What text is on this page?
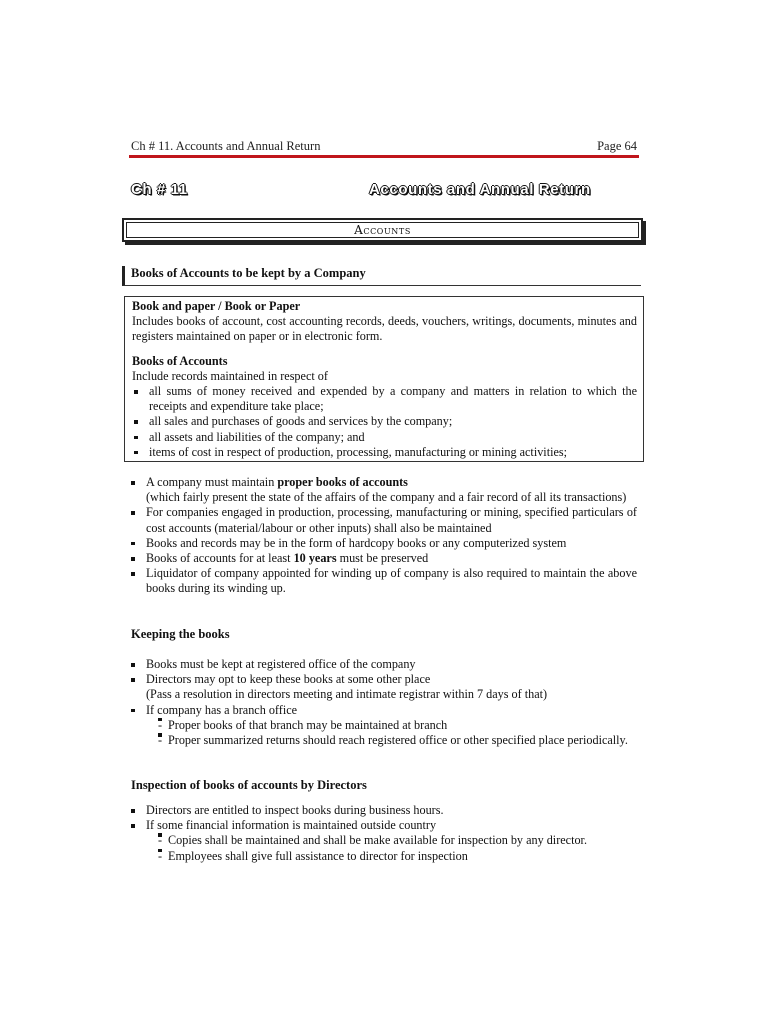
Ch # 11. Accounts and Annual Return	Page 64
Ch # 11	Accounts and Annual Return
Accounts
Books of Accounts to be kept by a Company
Book and paper / Book or Paper
Includes books of account, cost accounting records, deeds, vouchers, writings, documents, minutes and registers maintained on paper or in electronic form.
Books of Accounts
Include records maintained in respect of
all sums of money received and expended by a company and matters in relation to which the receipts and expenditure take place;
all sales and purchases of goods and services by the company;
all assets and liabilities of the company; and
items of cost in respect of production, processing, manufacturing or mining activities;
A company must maintain proper books of accounts
(which fairly present the state of the affairs of the company and a fair record of all its transactions)
For companies engaged in production, processing, manufacturing or mining, specified particulars of cost accounts (material/labour or other inputs) shall also be maintained
Books and records may be in the form of hardcopy books or any computerized system
Books of accounts for at least 10 years must be preserved
Liquidator of company appointed for winding up of company is also required to maintain the above books during its winding up.
Keeping the books
Books must be kept at registered office of the company
Directors may opt to keep these books at some other place
(Pass a resolution in directors meeting and intimate registrar within 7 days of that)
If company has a branch office
- Proper books of that branch may be maintained at branch
- Proper summarized returns should reach registered office or other specified place periodically.
Inspection of books of accounts by Directors
Directors are entitled to inspect books during business hours.
If some financial information is maintained outside country
- Copies shall be maintained and shall be make available for inspection by any director.
- Employees shall give full assistance to director for inspection
